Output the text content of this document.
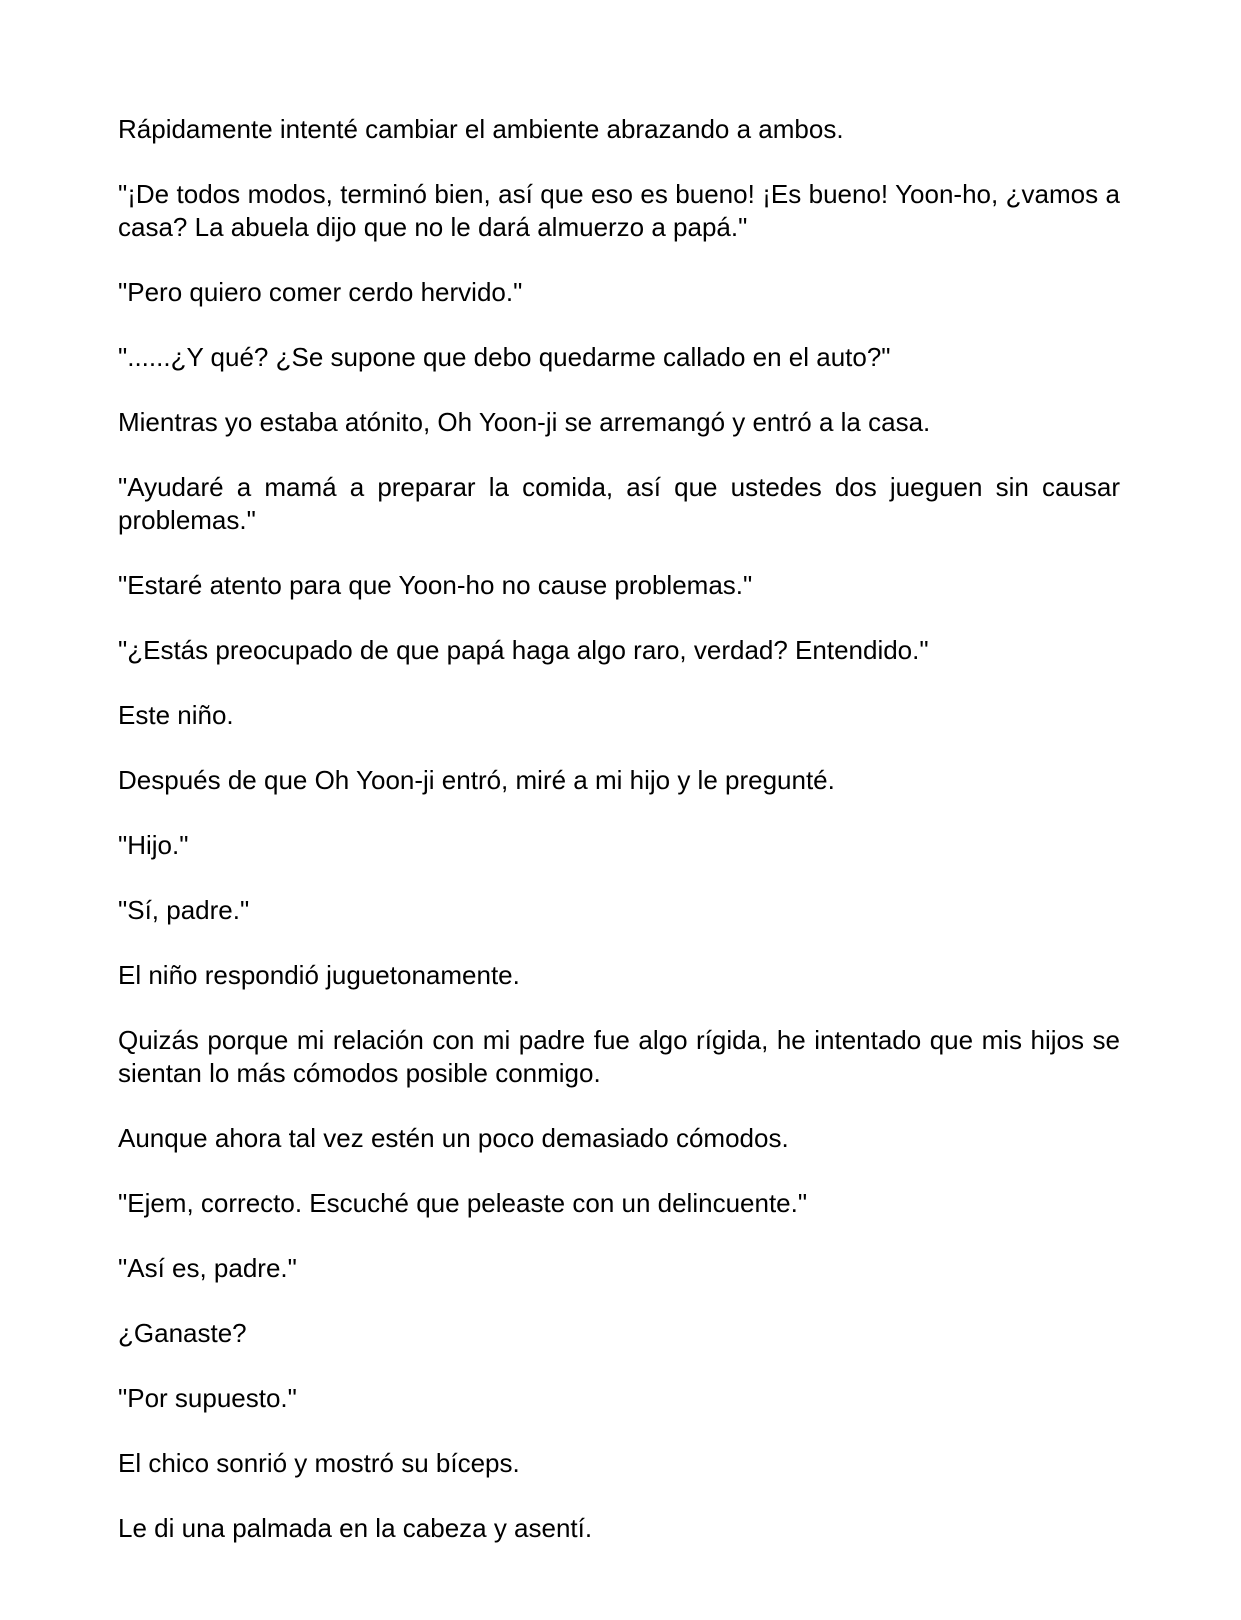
Rápidamente intenté cambiar el ambiente abrazando a ambos.

"¡De todos modos, terminó bien, así que eso es bueno! ¡Es bueno! Yoon-ho, ¿vamos a casa? La abuela dijo que no le dará almuerzo a papá."

"Pero quiero comer cerdo hervido."

"......¿Y qué? ¿Se supone que debo quedarme callado en el auto?"

Mientras yo estaba atónito, Oh Yoon-ji se arremangó y entró a la casa.

"Ayudaré a mamá a preparar la comida, así que ustedes dos jueguen sin causar problemas."

"Estaré atento para que Yoon-ho no cause problemas."

"¿Estás preocupado de que papá haga algo raro, verdad? Entendido."

Este niño.

Después de que Oh Yoon-ji entró, miré a mi hijo y le pregunté.

"Hijo."

"Sí, padre."

El niño respondió juguetonamente.

Quizás porque mi relación con mi padre fue algo rígida, he intentado que mis hijos se sientan lo más cómodos posible conmigo.

Aunque ahora tal vez estén un poco demasiado cómodos.

"Ejem, correcto. Escuché que peleaste con un delincuente."

"Así es, padre."

¿Ganaste?

"Por supuesto."

El chico sonrió y mostró su bíceps.

Le di una palmada en la cabeza y asentí.
